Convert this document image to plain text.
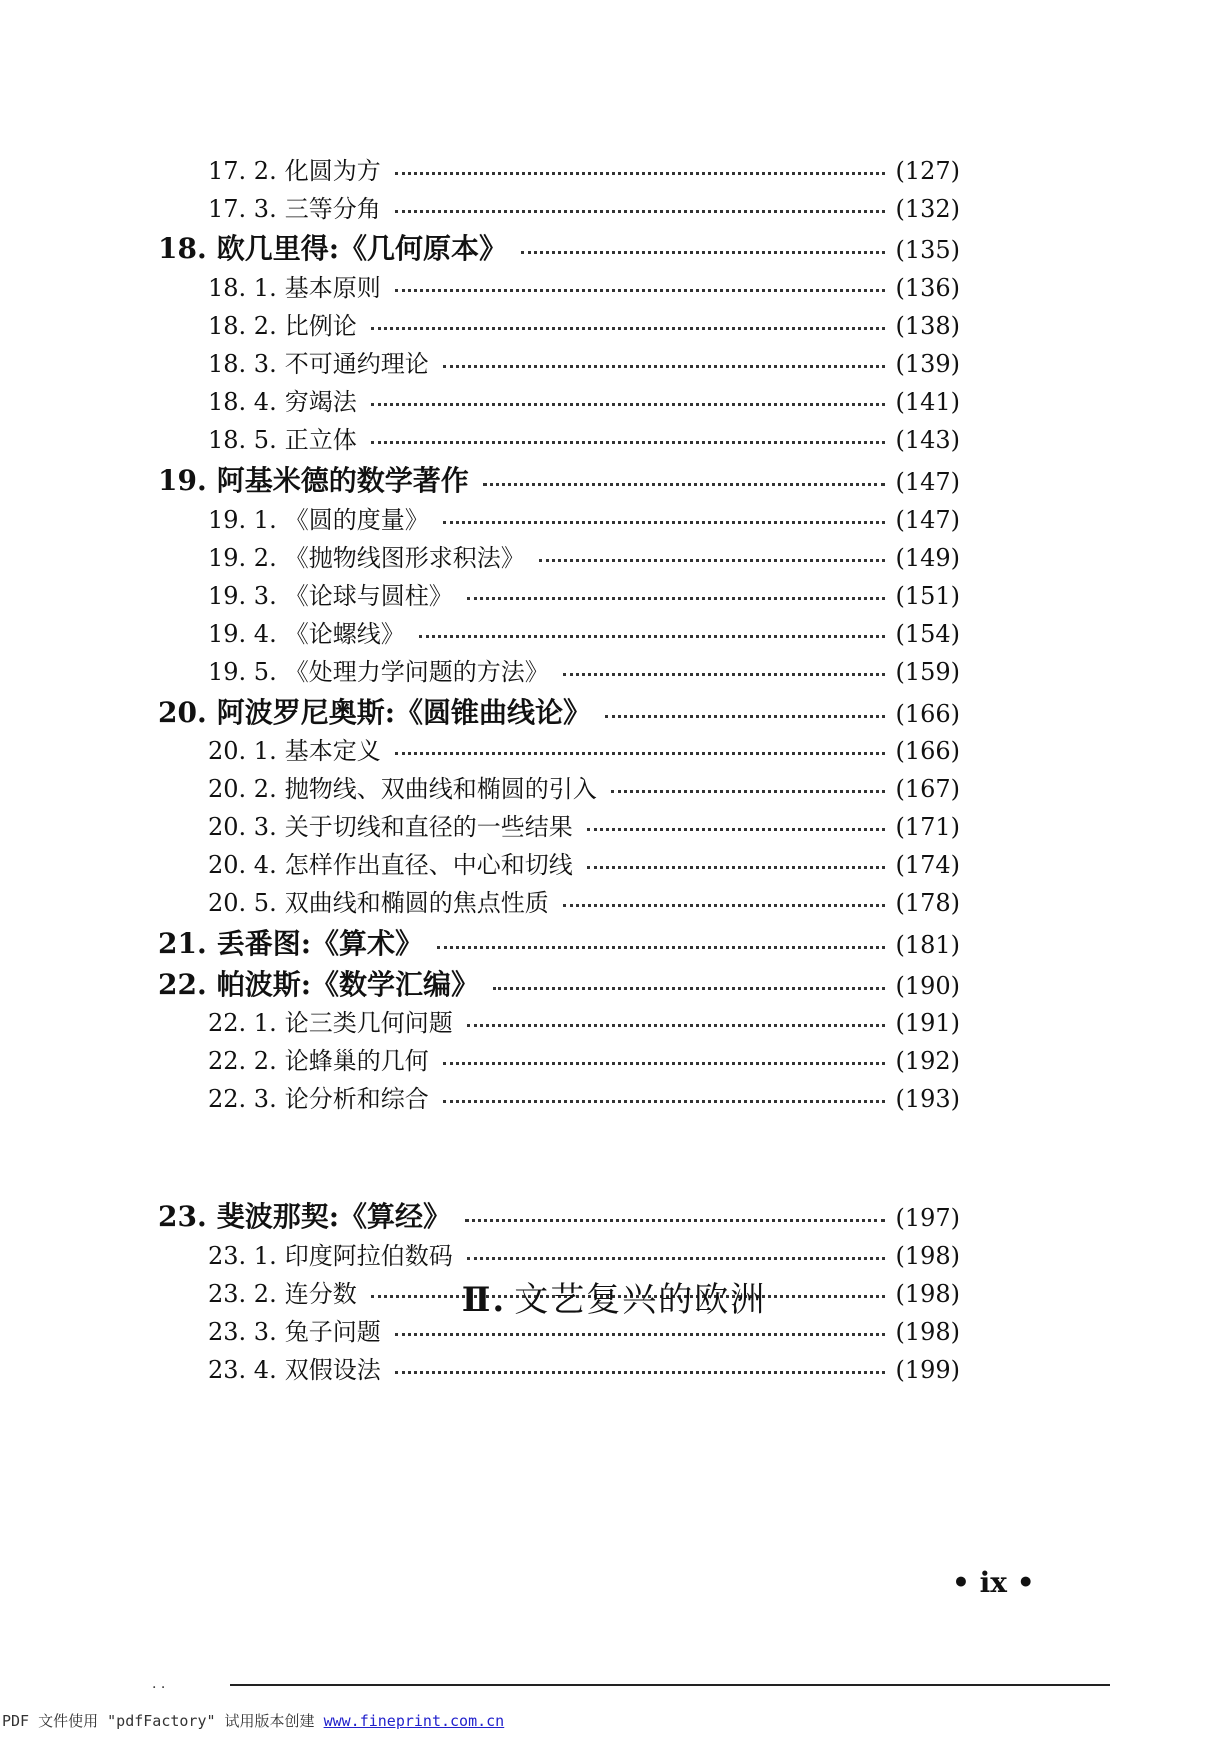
17. 2. 化圆为方	(127)
17. 3. 三等分角	(132)
18. 欧几里得:《几何原本》	(135)
18. 1. 基本原则	(136)
18. 2. 比例论	(138)
18. 3. 不可通约理论	(139)
18. 4. 穷竭法	(141)
18. 5. 正立体	(143)
19. 阿基米德的数学著作	(147)
19. 1. 《圆的度量》	(147)
19. 2. 《抛物线图形求积法》	(149)
19. 3. 《论球与圆柱》	(151)
19. 4. 《论螺线》	(154)
19. 5. 《处理力学问题的方法》	(159)
20. 阿波罗尼奥斯:《圆锥曲线论》	(166)
20. 1. 基本定义	(166)
20. 2. 抛物线、双曲线和椭圆的引入	(167)
20. 3. 关于切线和直径的一些结果	(171)
20. 4. 怎样作出直径、中心和切线	(174)
20. 5. 双曲线和椭圆的焦点性质	(178)
21. 丢番图:《算术》	(181)
22. 帕波斯:《数学汇编》	(190)
22. 1. 论三类几何问题	(191)
22. 2. 论蜂巢的几何	(192)
22. 3. 论分析和综合	(193)
23. 斐波那契:《算经》	(197)
23. 1. 印度阿拉伯数码	(198)
23. 2. 连分数	(198)
23. 3. 兔子问题	(198)
23. 4. 双假设法	(199)
Ⅱ. 文艺复兴的欧洲
• ix •
· ·
PDF 文件使用 "pdfFactory" 试用版本创建 www.fineprint.com.cn
